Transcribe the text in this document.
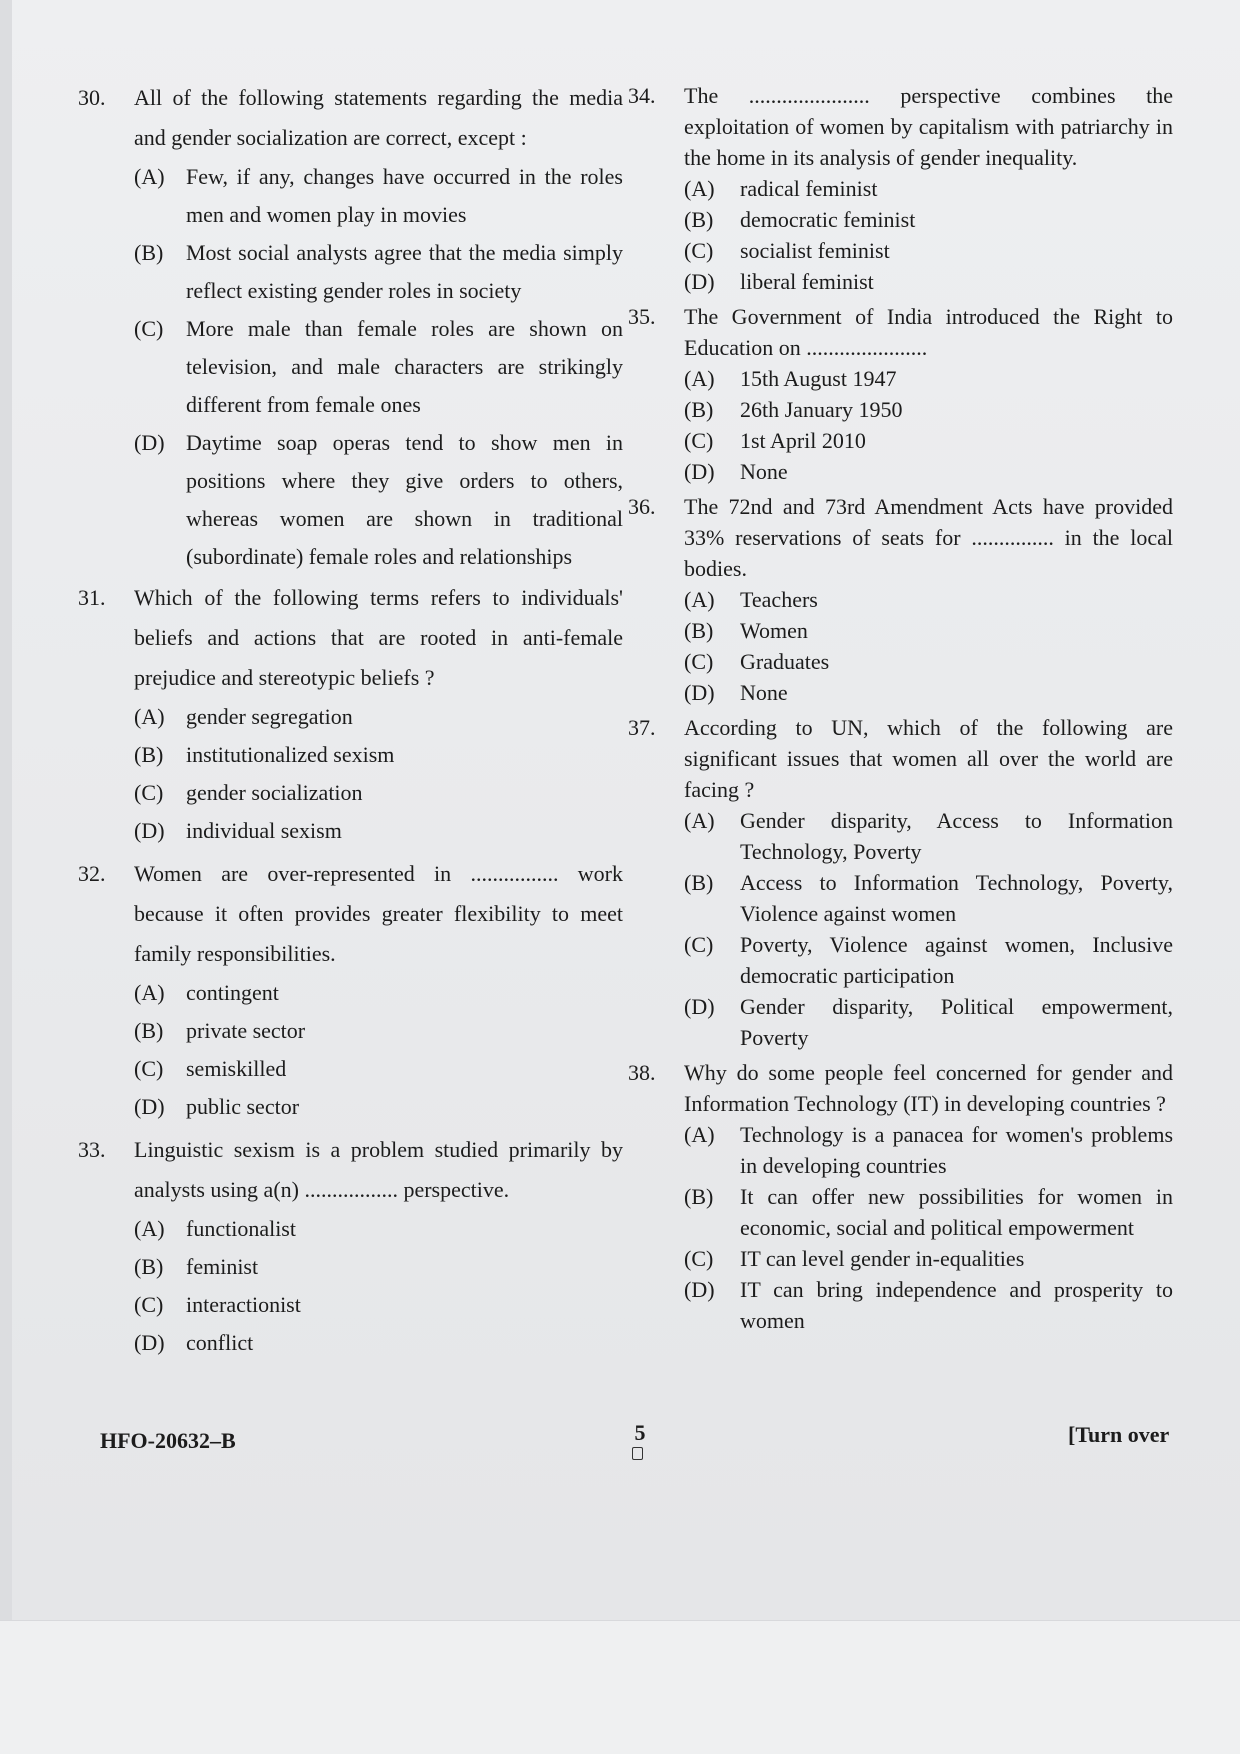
30.	All of the following statements regarding the media and gender socialization are correct, except :
(A) Few, if any, changes have occurred in the roles men and women play in movies
(B) Most social analysts agree that the media simply reflect existing gender roles in society
(C) More male than female roles are shown on television, and male characters are strikingly different from female ones
(D) Daytime soap operas tend to show men in positions where they give orders to others, whereas women are shown in traditional (subordinate) female roles and relationships
31.	Which of the following terms refers to individuals' beliefs and actions that are rooted in anti-female prejudice and stereotypic beliefs ?
(A) gender segregation
(B) institutionalized sexism
(C) gender socialization
(D) individual sexism
32.	Women are over-represented in ................ work because it often provides greater flexibility to meet family responsibilities.
(A) contingent
(B) private sector
(C) semiskilled
(D) public sector
33.	Linguistic sexism is a problem studied primarily by analysts using a(n) ................. perspective.
(A) functionalist
(B) feminist
(C) interactionist
(D) conflict
34.	The ...................... perspective combines the exploitation of women by capitalism with patriarchy in the home in its analysis of gender inequality.
(A) radical feminist
(B) democratic feminist
(C) socialist feminist
(D) liberal feminist
35.	The Government of India introduced the Right to Education on ......................
(A) 15th August 1947
(B) 26th January 1950
(C) 1st April 2010
(D) None
36.	The 72nd and 73rd Amendment Acts have provided 33% reservations of seats for ............... in the local bodies.
(A) Teachers
(B) Women
(C) Graduates
(D) None
37.	According to UN, which of the following are significant issues that women all over the world are facing ?
(A) Gender disparity, Access to Information Technology, Poverty
(B) Access to Information Technology, Poverty, Violence against women
(C) Poverty, Violence against women, Inclusive democratic participation
(D) Gender disparity, Political empowerment, Poverty
38.	Why do some people feel concerned for gender and Information Technology (IT) in developing countries ?
(A) Technology is a panacea for women's problems in developing countries
(B) It can offer new possibilities for women in economic, social and political empowerment
(C) IT can level gender in-equalities
(D) IT can bring independence and prosperity to women
HFO-20632–B	5	[Turn over
